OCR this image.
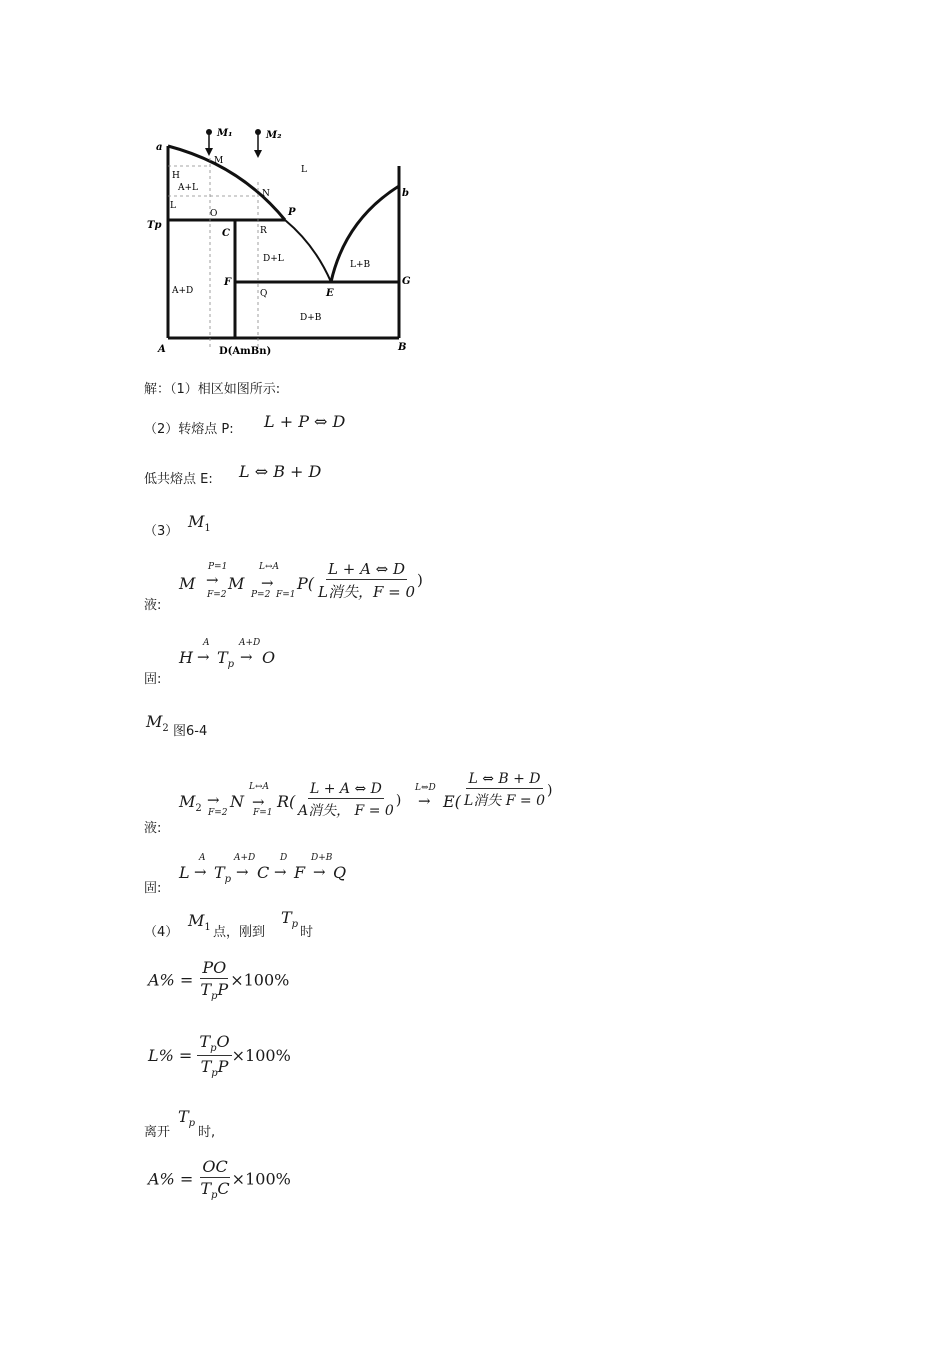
a
M₁	M₂
M
L
H
A+L
N
L
O	P
b
Tp
C	R
D+L
L+B
A+D
F
Q	E
G
D+B
A	D(AmBn)	B
解：（1）相区如图所示:
（2）转熔点 P: L + P ⇔ D
低共熔点 E: L ⇔ B + D
（3）
$M_1$
液:
M
P=1
→
F=2
M
L↔A
→
P=2 F=1
$P( \frac{L + A \Leftrightarrow D}{\text{L消失，F = 0}}$ )
固:
H
A
→ $T_p$
A+D
→ O
$M_2$ 图6-4
液:
$M_2$ →
F=2
N
L↔A
→
F=1
$R( \frac{L + A \Leftrightarrow D}{\text{A消失， F = 0}}$ )
L⇔D
→ $E( \frac{L \Leftrightarrow B + D}{\text{L消失 F = 0}}$ )
固:
L
A
→ $T_p$
A+D
→ C
D
→ F
D+B
→ Q
（4）
$M_1$ 点，刚到
$T_p$
时
$A\% = \frac{PO}{T_pP} \times 100\%$
$L\% = \frac{T_pO}{T_pP} \times 100\%$
离开
$T_p$
时,
$A\% = \frac{OC}{T_pC} \times 100\%$
